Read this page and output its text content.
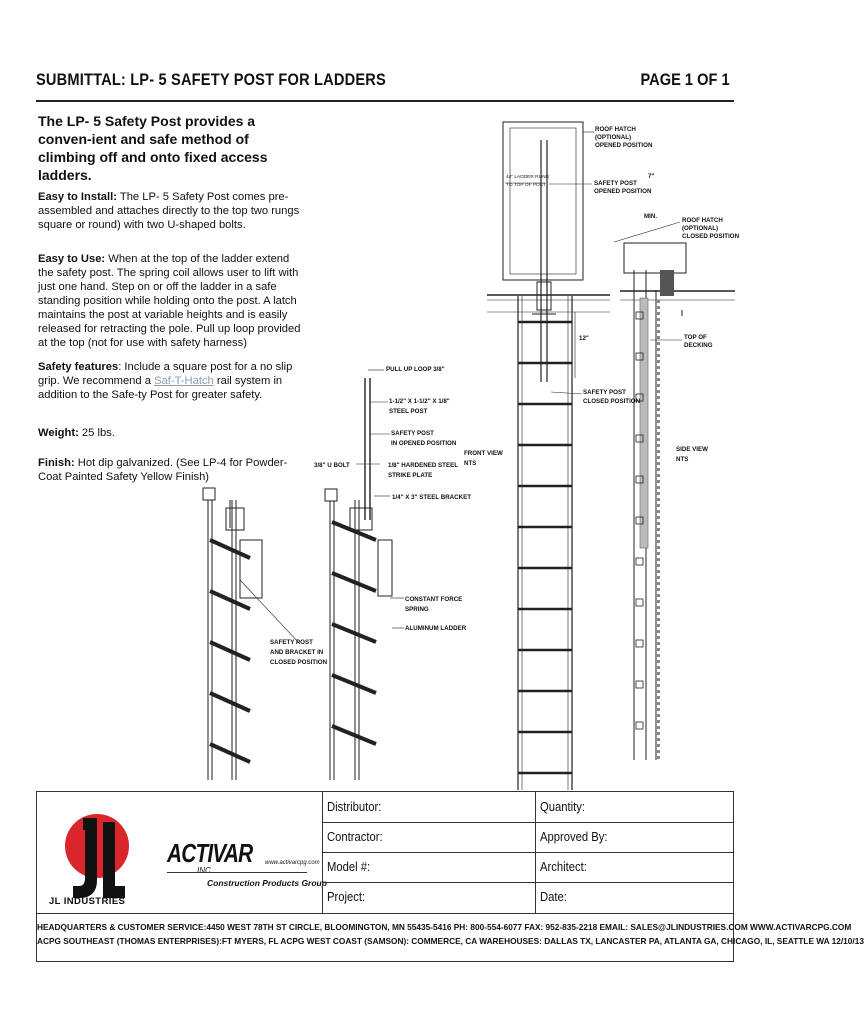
SUBMITTAL: LP- 5 SAFETY POST FOR LADDERS	PAGE 1 OF 1
The LP- 5 Safety Post provides a conven-ient and safe method of climbing off and onto fixed access ladders.
Easy to Install: The LP- 5 Safety Post comes pre-assembled and attaches directly to the top two rungs square or round) with two U-shaped bolts.
Easy to Use: When at the top of the ladder extend the safety post. The spring coil allows user to lift with just one hand. Step on or off the ladder in a safe standing position while holding onto the post. A latch maintains the post at variable heights and is easily released for retracting the pole. Pull up loop provided at the top (not for use with safety harness)
Safety features: Include a square post for a no slip grip. We recommend a Saf-T-Hatch rail system in addition to the Safe-ty Post for greater safety.
Weight: 25 lbs.
Finish: Hot dip galvanized. (See LP-4 for Powder-Coat Painted Safety Yellow Finish)
ROOF HATCH
(OPTIONAL)
OPENED POSITION
44" LADDER RUNG
TO TOP OF POST	SAFETY POST
OPENED POSITION
7"
MIN.
ROOF HATCH
(OPTIONAL)
CLOSED POSITION
12"	TOP OF
DECKING
PULL UP LOOP 3/8"
1-1/2" X 1-1/2" X 1/8"
STEEL POST
SAFETY POST
CLOSED POSITION
SAFETY POST
IN OPENED POSITION
FRONT VIEW
NTS
SIDE VIEW
NTS
3/8" U BOLT	1/8" HARDENED STEEL
STRIKE PLATE
1/4" X 3" STEEL BRACKET
CONSTANT FORCE
SPRING
ALUMINUM LADDER
SAFETY POST
AND BRACKET IN
CLOSED POSITION
JL INDUSTRIES
ACTIVAR
INC.
www.activarcpg.com
Construction Products Group
Distributor:	Quantity:
Contractor:	Approved By:
Model #:	Architect:
Project:	Date:
HEADQUARTERS & CUSTOMER SERVICE:4450 WEST 78TH ST CIRCLE, BLOOMINGTON, MN 55435-5416 PH: 800-554-6077 FAX: 952-835-2218 EMAIL: SALES@JLINDUSTRIES.COM WWW.ACTIVARCPG.COM
ACPG SOUTHEAST (THOMAS ENTERPRISES):FT MYERS, FL ACPG WEST COAST (SAMSON): COMMERCE, CA WAREHOUSES: DALLAS TX, LANCASTER PA, ATLANTA GA, CHICAGO, IL, SEATTLE WA 12/10/13
